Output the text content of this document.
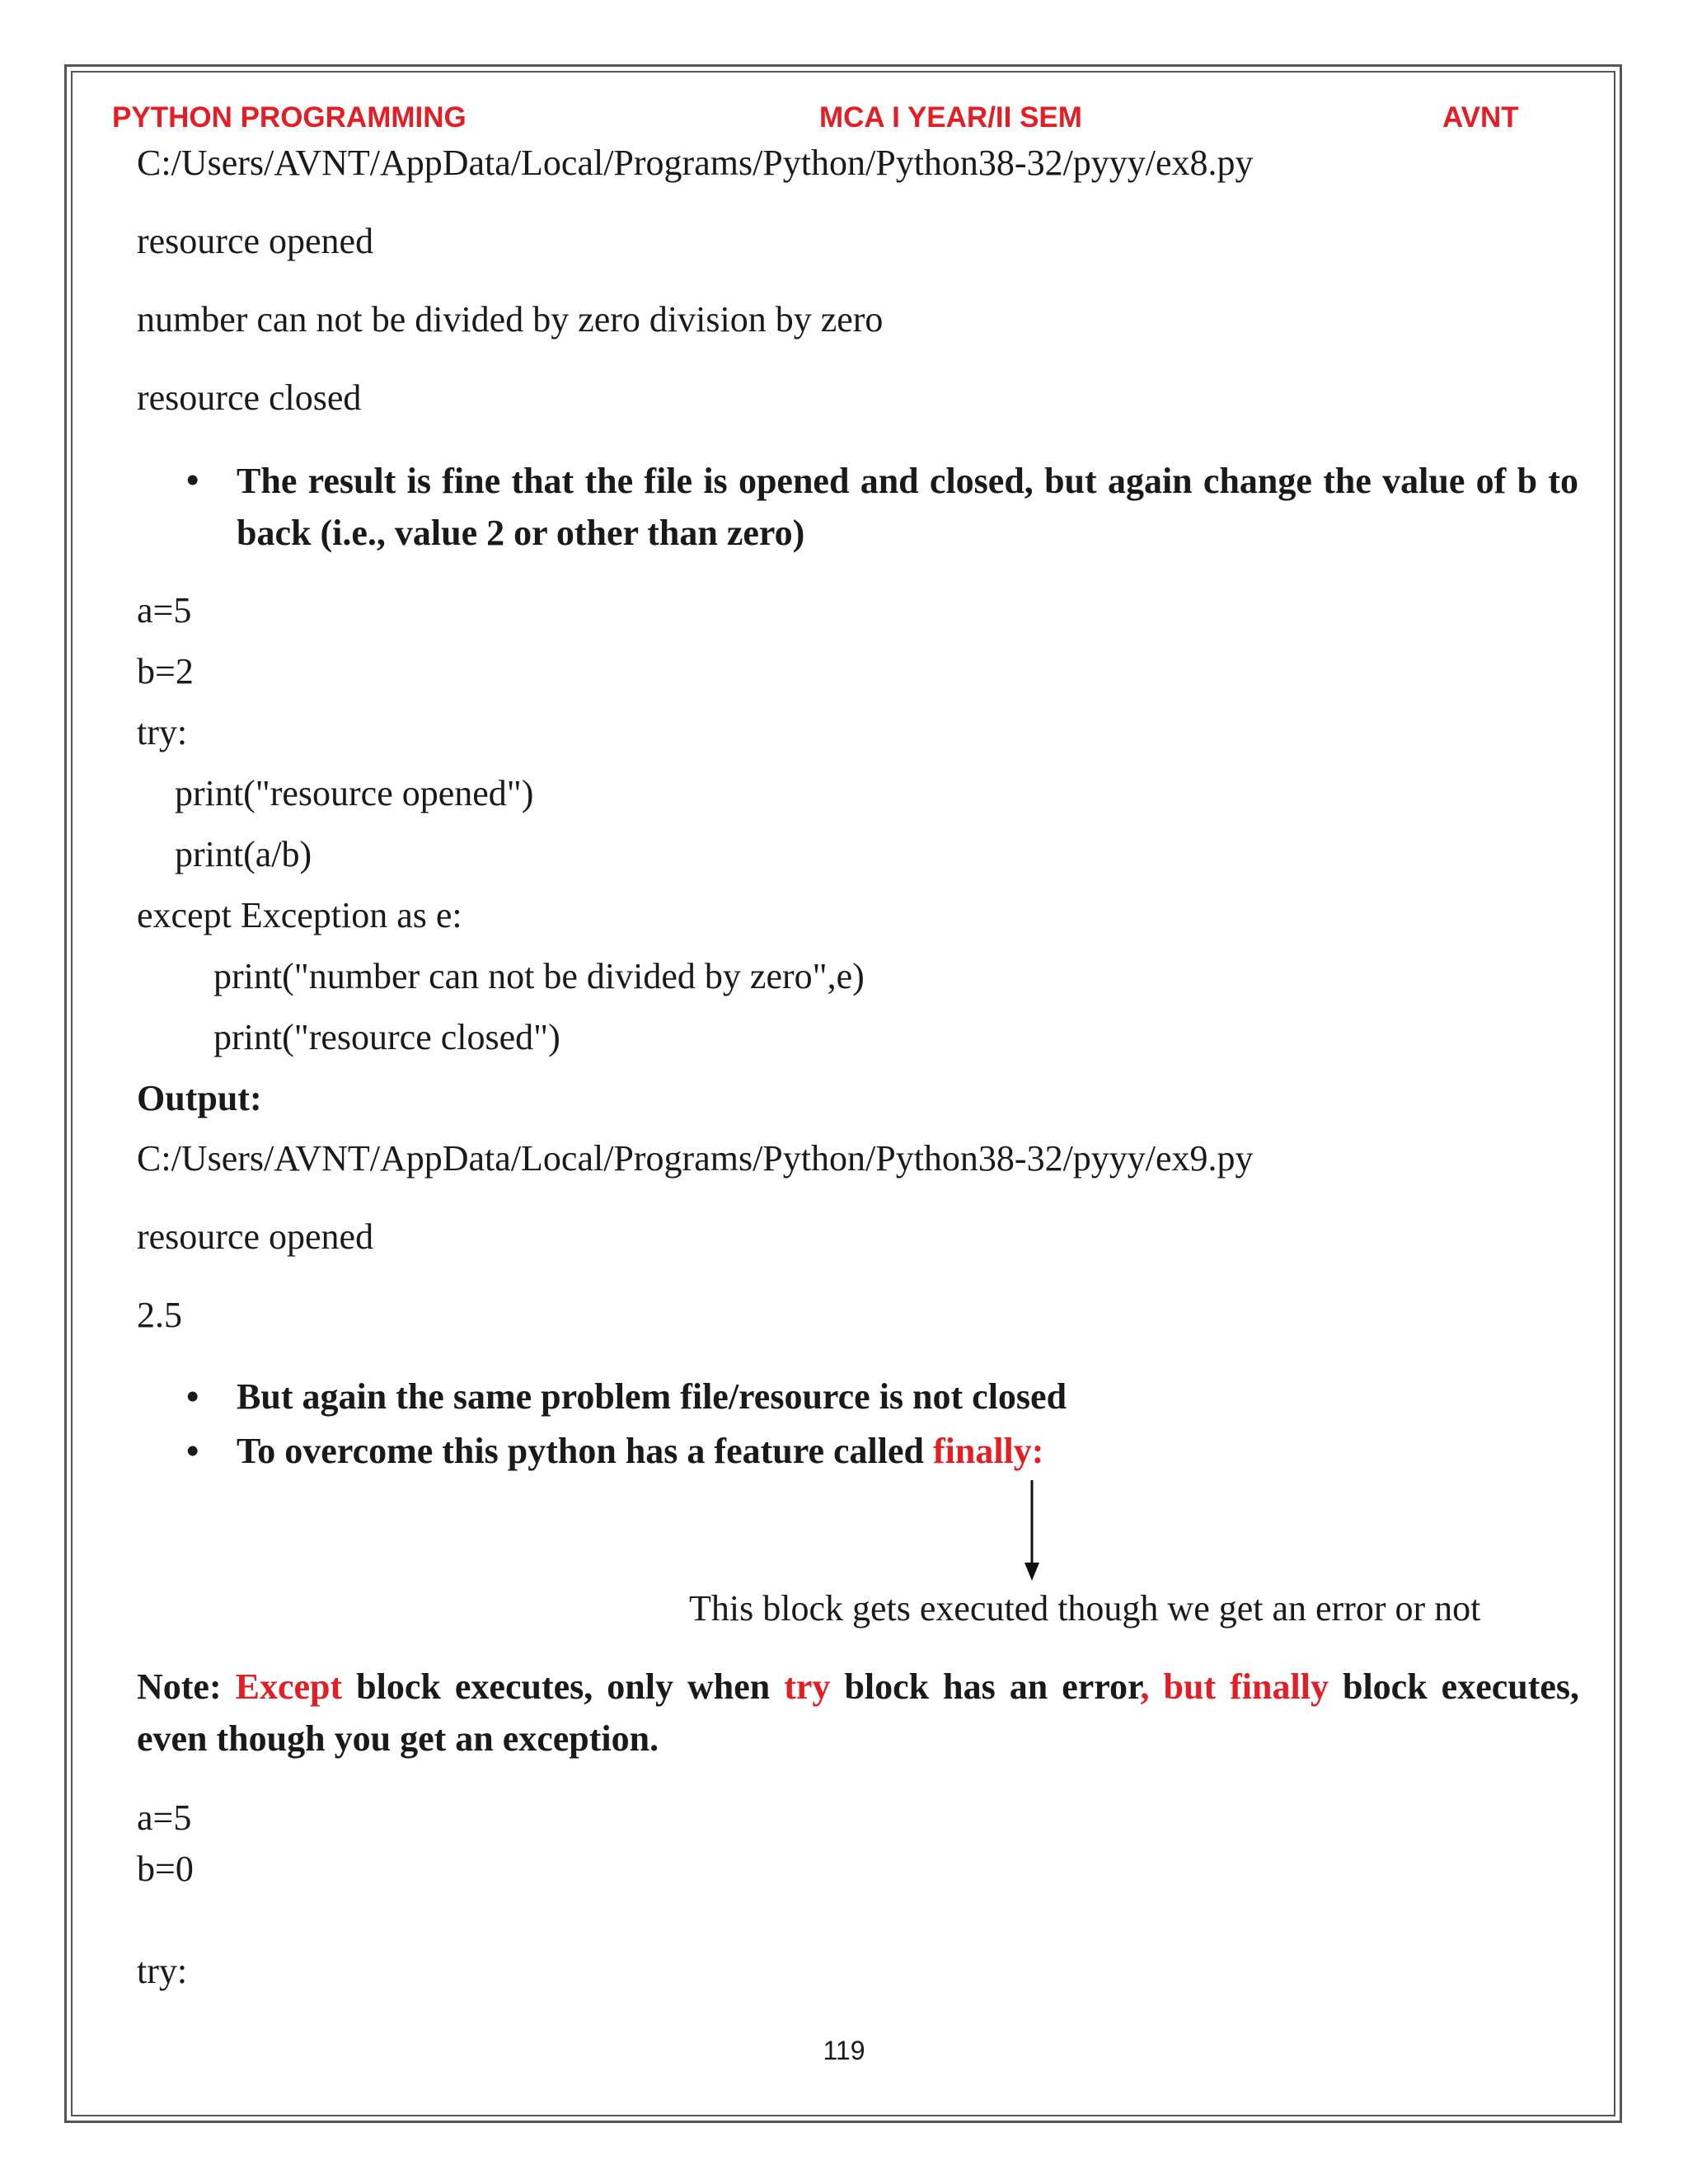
PYTHON PROGRAMMING	MCA I YEAR/II SEM	AVNT
C:/Users/AVNT/AppData/Local/Programs/Python/Python38-32/pyyy/ex8.py
resource opened
number can not be divided by zero division by zero
resource closed
• The result is fine that the file is opened and closed, but again change the value of b to back (i.e., value 2 or other than zero)
a=5
b=2
try:
print("resource opened")
print(a/b)
except Exception as e:
print("number can not be divided by zero",e)
print("resource closed")
Output:
C:/Users/AVNT/AppData/Local/Programs/Python/Python38-32/pyyy/ex9.py
resource opened
2.5
• But again the same problem file/resource is not closed
• To overcome this python has a feature called finally:
This block gets executed though we get an error or not
Note: Except block executes, only when try block has an error, but finally block executes, even though you get an exception.
a=5
b=0
try:
119
